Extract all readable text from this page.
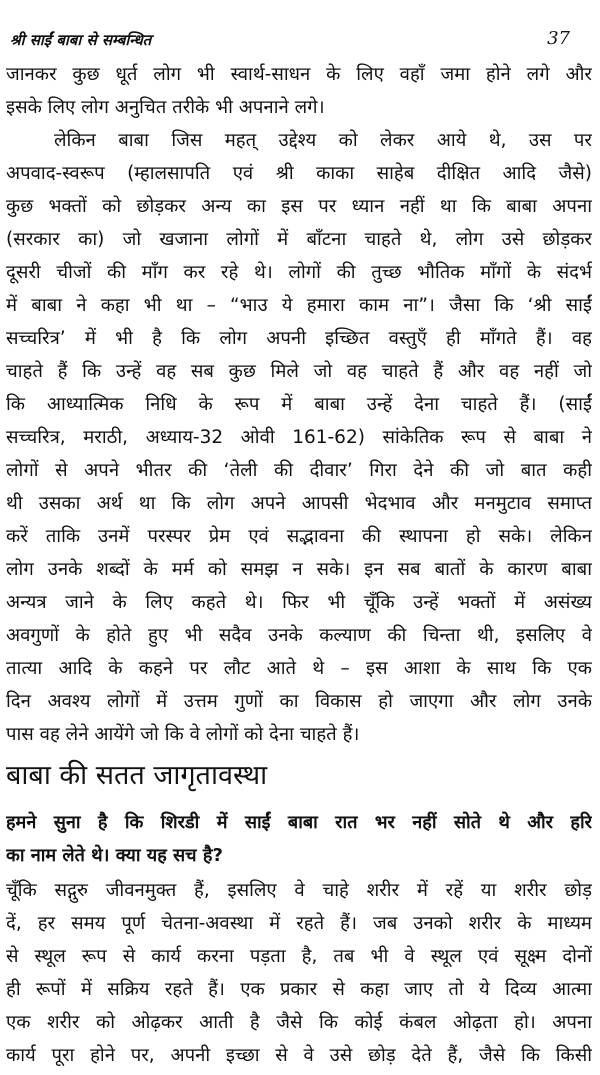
श्री साईं बाबा से सम्बन्धित	37
जानकर कुछ धूर्त लोग भी स्वार्थ-साधन के लिए वहाँ जमा होने लगे और
इसके लिए लोग अनुचित तरीके भी अपनाने लगे।
लेकिन बाबा जिस महत् उद्देश्य को लेकर आये थे, उस पर
अपवाद-स्वरूप (म्हालसापति एवं श्री काका साहेब दीक्षित आदि जैसे)
कुछ भक्तों को छोड़कर अन्य का इस पर ध्यान नहीं था कि बाबा अपना
(सरकार का) जो खजाना लोगों में बाँटना चाहते थे, लोग उसे छोड़कर
दूसरी चीजों की माँग कर रहे थे। लोगों की तुच्छ भौतिक माँगों के संदर्भ
में बाबा ने कहा भी था – “भाउ ये हमारा काम ना”। जैसा कि ‘श्री साईं
सच्चरित्र’ में भी है कि लोग अपनी इच्छित वस्तुएँ ही माँगते हैं। वह
चाहते हैं कि उन्हें वह सब कुछ मिले जो वह चाहते हैं और वह नहीं जो
कि आध्यात्मिक निधि के रूप में बाबा उन्हें देना चाहते हैं। (साईं
सच्चरित्र, मराठी, अध्याय-32 ओवी 161-62) सांकेतिक रूप से बाबा ने
लोगों से अपने भीतर की ‘तेली की दीवार’ गिरा देने की जो बात कही
थी उसका अर्थ था कि लोग अपने आपसी भेदभाव और मनमुटाव समाप्त
करें ताकि उनमें परस्पर प्रेम एवं सद्भावना की स्थापना हो सके। लेकिन
लोग उनके शब्दों के मर्म को समझ न सके। इन सब बातों के कारण बाबा
अन्यत्र जाने के लिए कहते थे। फिर भी चूँकि उन्हें भक्तों में असंख्य
अवगुणों के होते हुए भी सदैव उनके कल्याण की चिन्ता थी, इसलिए वे
तात्या आदि के कहने पर लौट आते थे – इस आशा के साथ कि एक
दिन अवश्य लोगों में उत्तम गुणों का विकास हो जाएगा और लोग उनके
पास वह लेने आयेंगे जो कि वे लोगों को देना चाहते हैं।
बाबा की सतत जागृतावस्था
हमने सुना है कि शिरडी में साईं बाबा रात भर नहीं सोते थे और हरि
का नाम लेते थे। क्या यह सच है?
चूँकि सद्गुरु जीवनमुक्त हैं, इसलिए वे चाहे शरीर में रहें या शरीर छोड़
दें, हर समय पूर्ण चेतना-अवस्था में रहते हैं। जब उनको शरीर के माध्यम
से स्थूल रूप से कार्य करना पड़ता है, तब भी वे स्थूल एवं सूक्ष्म दोनों
ही रूपों में सक्रिय रहते हैं। एक प्रकार से कहा जाए तो ये दिव्य आत्मा
एक शरीर को ओढ़कर आती है जैसे कि कोई कंबल ओढ़ता हो। अपना
कार्य पूरा होने पर, अपनी इच्छा से वे उसे छोड़ देते हैं, जैसे कि किसी
